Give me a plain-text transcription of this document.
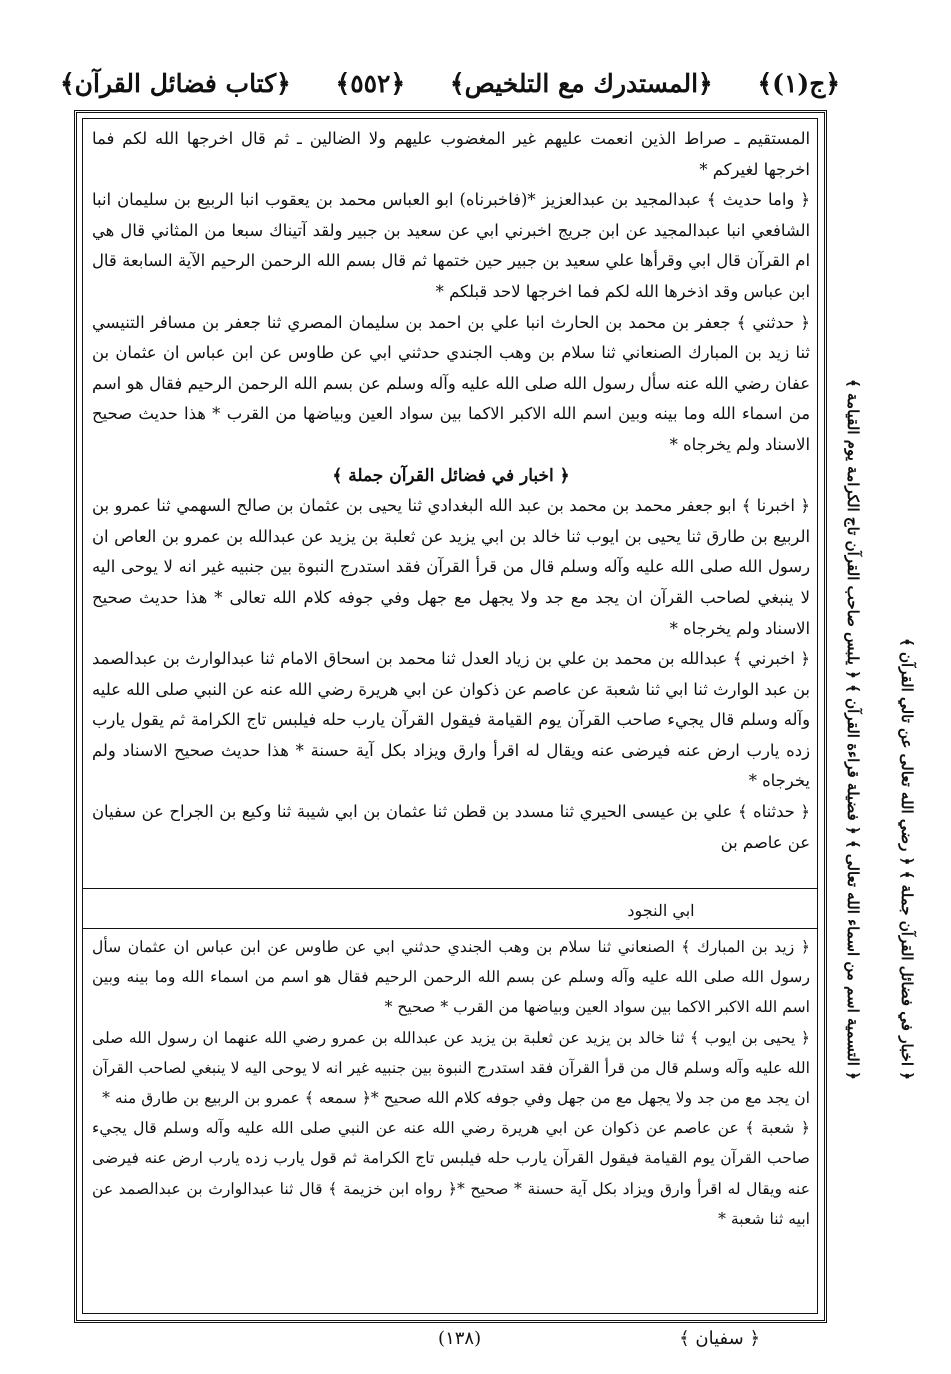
﴿ج(١)﴾
﴿المستدرك مع التلخيص﴾
﴿٥٥٢﴾
﴿كتاب فضائل القرآن﴾

المستقيم ـ صراط الذين انعمت عليهم غير المغضوب عليهم ولا الضالين ـ ثم قال اخرجها الله لكم فما اخرجها لغيركم *

﴿ واما حديث ﴾ عبدالمجيد بن عبدالعزيز *(فاخبرناه) ابو العباس محمد بن يعقوب انبا الربيع بن سليمان انبا الشافعي انبا عبدالمجيد عن ابن جريج اخبرني ابي عن سعيد بن جبير ولقد آتيناك سبعا من المثاني قال هي ام القرآن قال ابي وقرأها علي سعيد بن جبير حين ختمها ثم قال بسم الله الرحمن الرحيم الآية السابعة قال ابن عباس وقد اذخرها الله لكم فما اخرجها لاحد قبلكم *

﴿ حدثني ﴾ جعفر بن محمد بن الحارث انبا علي بن احمد بن سليمان المصري ثنا جعفر بن مسافر التنيسي ثنا زيد بن المبارك الصنعاني ثنا سلام بن وهب الجندي حدثني ابي عن طاوس عن ابن عباس ان عثمان بن عفان رضي الله عنه سأل رسول الله صلى الله عليه وآله وسلم عن بسم الله الرحمن الرحيم فقال هو اسم من اسماء الله وما بينه وبين اسم الله الاكبر الاكما بين سواد العين وبياضها من القرب * هذا حديث صحيح الاسناد ولم يخرجاه *

﴿ اخبار في فضائل القرآن جملة ﴾

﴿ اخبرنا ﴾ ابو جعفر محمد بن محمد بن عبد الله البغدادي ثنا يحيى بن عثمان بن صالح السهمي ثنا عمرو بن الربيع بن طارق ثنا يحيى بن ايوب ثنا خالد بن ابي يزيد عن ثعلبة بن يزيد عن عبدالله بن عمرو بن العاص ان رسول الله صلى الله عليه وآله وسلم قال من قرأ القرآن فقد استدرج النبوة بين جنبيه غير انه لا يوحى اليه لا ينبغي لصاحب القرآن ان يجد مع جد ولا يجهل مع جهل وفي جوفه كلام الله تعالى * هذا حديث صحيح الاسناد ولم يخرجاه *

﴿ اخبرني ﴾ عبدالله بن محمد بن علي بن زياد العدل ثنا محمد بن اسحاق الامام ثنا عبدالوارث بن عبدالصمد بن عبد الوارث ثنا ابي ثنا شعبة عن عاصم عن ذكوان عن ابي هريرة رضي الله عنه عن النبي صلى الله عليه وآله وسلم قال يجيء صاحب القرآن يوم القيامة فيقول القرآن يارب حله فيلبس تاج الكرامة ثم يقول يارب زده يارب ارض عنه فيرضى عنه ويقال له اقرأ وارق ويزاد بكل آية حسنة * هذا حديث صحيح الاسناد ولم يخرجاه *

﴿ حدثناه ﴾ علي بن عيسى الحيري ثنا مسدد بن قطن ثنا عثمان بن ابي شيبة ثنا وكيع بن الجراح عن سفيان عن عاصم بن

ابي النجود

﴿ زيد بن المبارك ﴾ الصنعاني ثنا سلام بن وهب الجندي حدثني ابي عن طاوس عن ابن عباس ان عثمان سأل رسول الله صلى الله عليه وآله وسلم عن بسم الله الرحمن الرحيم فقال هو اسم من اسماء الله وما بينه وبين اسم الله الاكبر الاكما بين سواد العين وبياضها من القرب * صحيح *

﴿ يحيى بن ايوب ﴾ ثنا خالد بن يزيد عن ثعلبة بن يزيد عن عبدالله بن عمرو رضي الله عنهما ان رسول الله صلى الله عليه وآله وسلم قال من قرأ القرآن فقد استدرج النبوة بين جنبيه غير انه لا يوحى اليه لا ينبغي لصاحب القرآن ان يجد مع من جد ولا يجهل مع من جهل وفي جوفه كلام الله صحيح *﴿ سمعه ﴾ عمرو بن الربيع بن طارق منه *

﴿ شعبة ﴾ عن عاصم عن ذكوان عن ابي هريرة رضي الله عنه عن النبي صلى الله عليه وآله وسلم قال يجيء صاحب القرآن يوم القيامة فيقول القرآن يارب حله فيلبس تاج الكرامة ثم قول يارب زده يارب ارض عنه فيرضى عنه ويقال له اقرأ وارق ويزاد بكل آية حسنة * صحيح *﴿ رواه ابن خزيمة ﴾ قال ثنا عبدالوارث بن عبدالصمد عن ابيه ثنا شعبة *

﴿ التسمية اسم من اسماء الله تعالى ﴾ ﴿ فضيلة قراءة القرآن ﴾ ﴿ يلبس صاحب القرآن تاج الكرامة يوم القيامة ﴾	﴿ اخبار في فضائل القرآن جملة ﴾ ﴿ رضي الله تعالى عن تالي القرآن ﴾
﴿ سفيان ﴾
(١٣٨)
